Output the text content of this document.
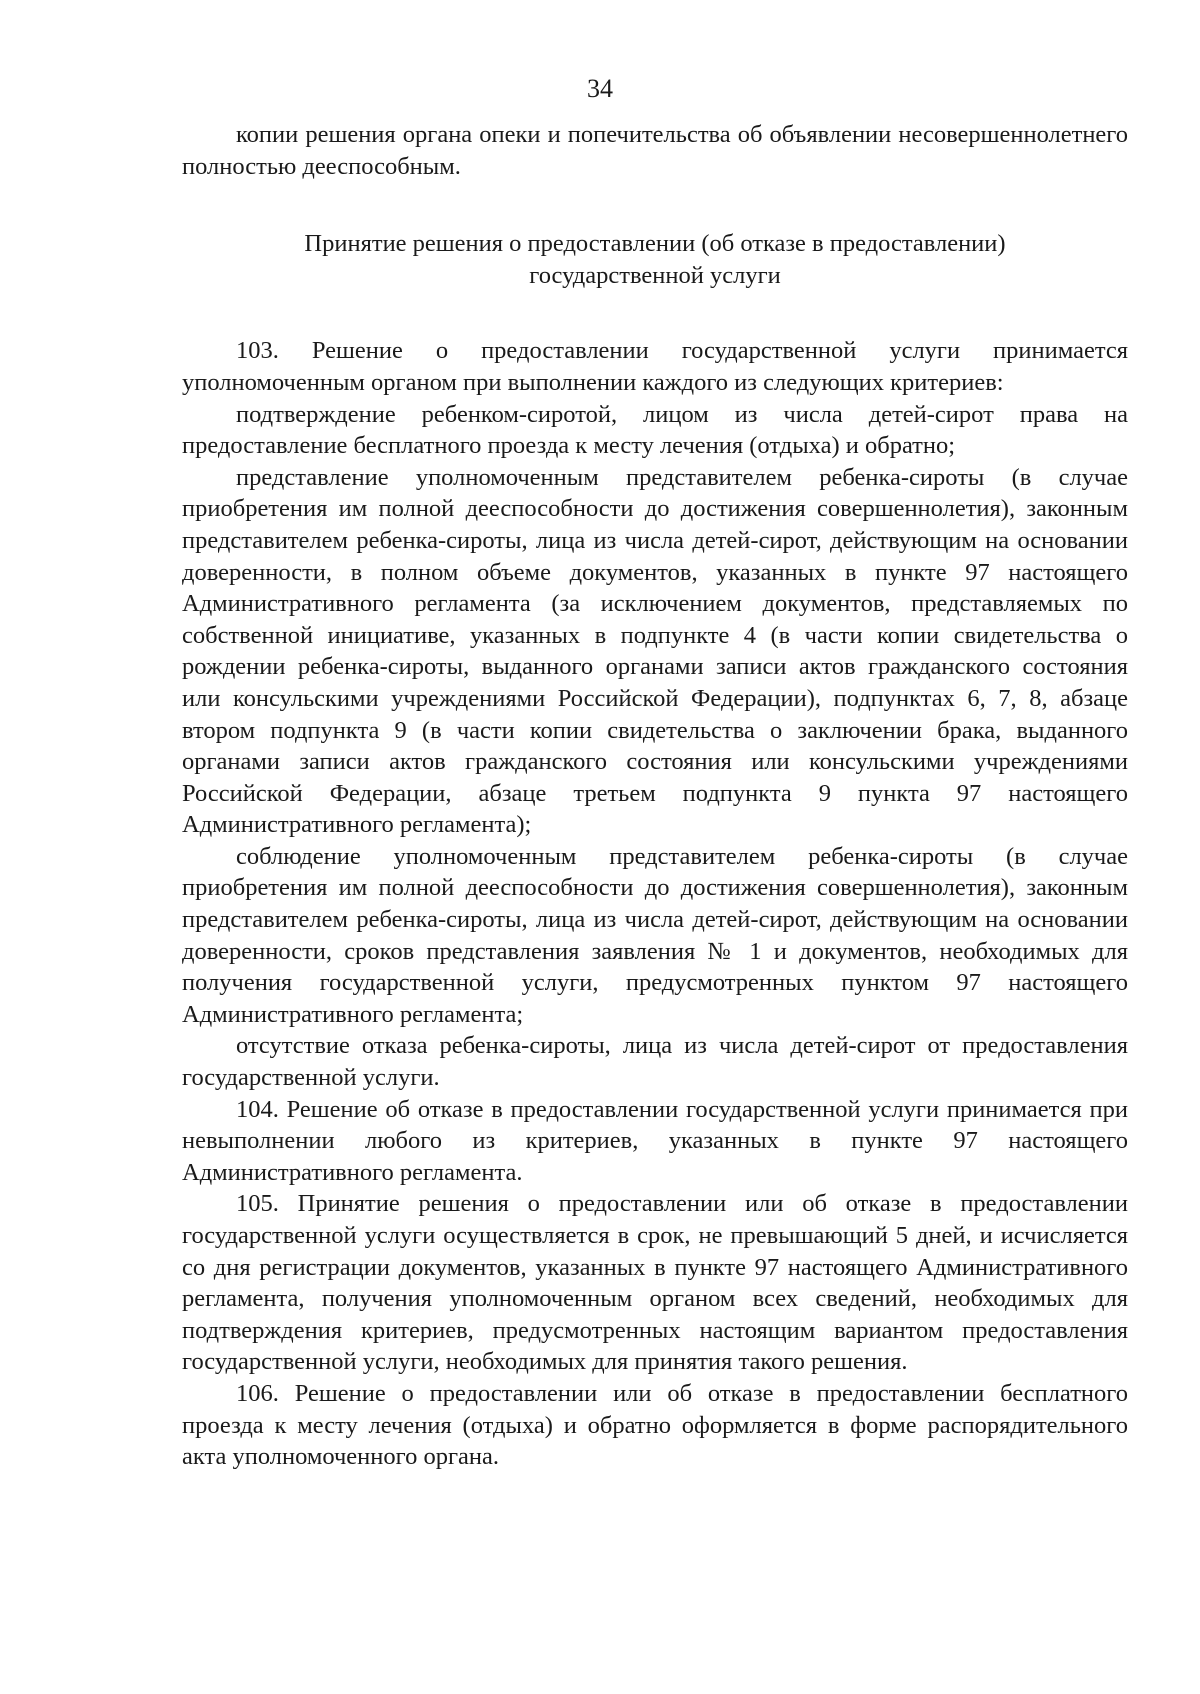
34

копии решения органа опеки и попечительства об объявлении несовершеннолетнего полностью дееспособным.

Принятие решения о предоставлении (об отказе в предоставлении)
государственной услуги

103. Решение о предоставлении государственной услуги принимается уполномоченным органом при выполнении каждого из следующих критериев:

подтверждение ребенком-сиротой, лицом из числа детей-сирот права на предоставление бесплатного проезда к месту лечения (отдыха) и обратно;

представление уполномоченным представителем ребенка-сироты (в случае приобретения им полной дееспособности до достижения совершеннолетия), законным представителем ребенка-сироты, лица из числа детей-сирот, действующим на основании доверенности, в полном объеме документов, указанных в пункте 97 настоящего Административного регламента (за исключением документов, представляемых по собственной инициативе, указанных в подпункте 4 (в части копии свидетельства о рождении ребенка-сироты, выданного органами записи актов гражданского состояния или консульскими учреждениями Российской Федерации), подпунктах 6, 7, 8, абзаце втором подпункта 9 (в части копии свидетельства о заключении брака, выданного органами записи актов гражданского состояния или консульскими учреждениями Российской Федерации, абзаце третьем подпункта 9 пункта 97 настоящего Административного регламента);

соблюдение уполномоченным представителем ребенка-сироты (в случае приобретения им полной дееспособности до достижения совершеннолетия), законным представителем ребенка-сироты, лица из числа детей-сирот, действующим на основании доверенности, сроков представления заявления № 1 и документов, необходимых для получения государственной услуги, предусмотренных пунктом 97 настоящего Административного регламента;

отсутствие отказа ребенка-сироты, лица из числа детей-сирот от предоставления государственной услуги.

104. Решение об отказе в предоставлении государственной услуги принимается при невыполнении любого из критериев, указанных в пункте 97 настоящего Административного регламента.

105. Принятие решения о предоставлении или об отказе в предоставлении государственной услуги осуществляется в срок, не превышающий 5 дней, и исчисляется со дня регистрации документов, указанных в пункте 97 настоящего Административного регламента, получения уполномоченным органом всех сведений, необходимых для подтверждения критериев, предусмотренных настоящим вариантом предоставления государственной услуги, необходимых для принятия такого решения.

106. Решение о предоставлении или об отказе в предоставлении бесплатного проезда к месту лечения (отдыха) и обратно оформляется в форме распорядительного акта уполномоченного органа.
